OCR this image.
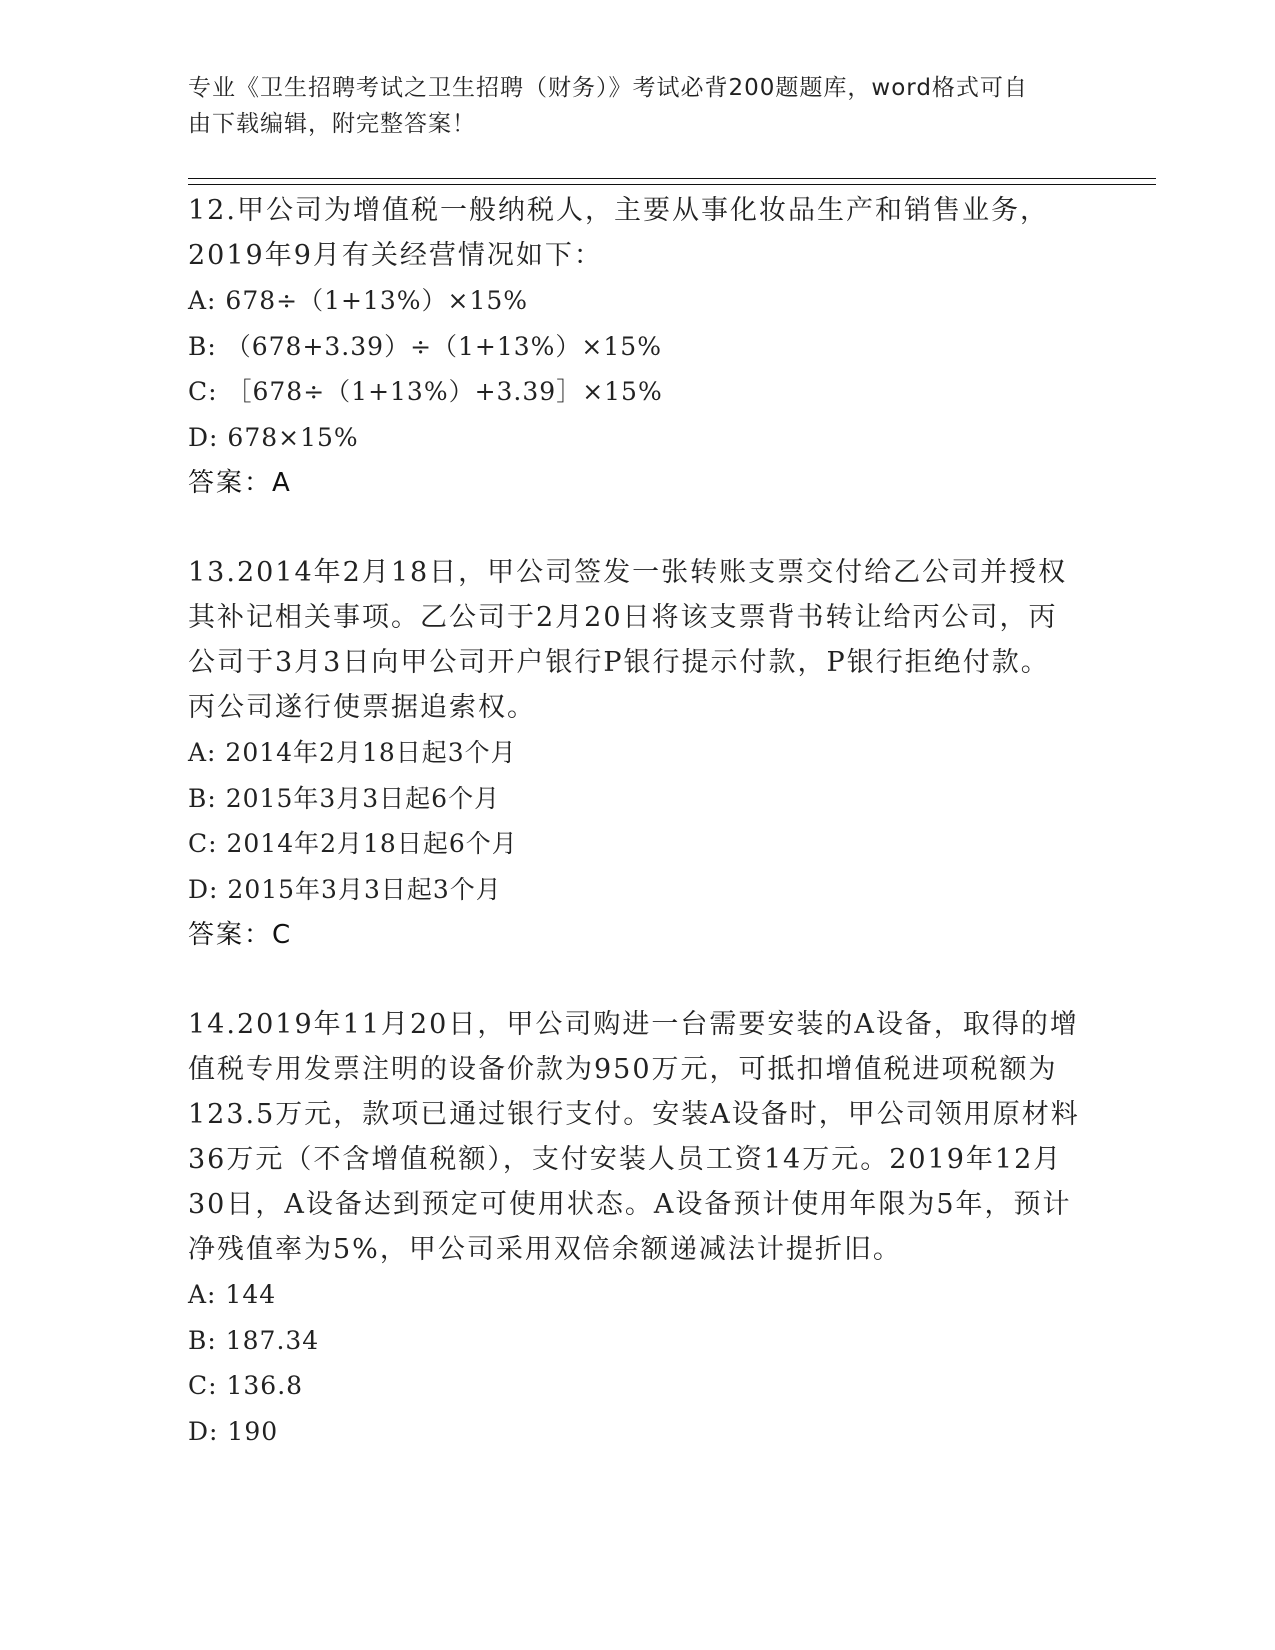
专业《卫生招聘考试之卫生招聘（财务）》考试必背200题题库，word格式可自
由下载编辑，附完整答案！

12.甲公司为增值税一般纳税人，主要从事化妆品生产和销售业务，

2019年9月有关经营情况如下：

A: 678÷（1+13%）×15%

B: （678+3.39）÷（1+13%）×15%

C: ［678÷（1+13%）+3.39］×15%

D: 678×15%

答案：A

13.2014年2月18日，甲公司签发一张转账支票交付给乙公司并授权

其补记相关事项。乙公司于2月20日将该支票背书转让给丙公司，丙

公司于3月3日向甲公司开户银行P银行提示付款，P银行拒绝付款。

丙公司遂行使票据追索权。

A: 2014年2月18日起3个月

B: 2015年3月3日起6个月

C: 2014年2月18日起6个月

D: 2015年3月3日起3个月

答案：C

14.2019年11月20日，甲公司购进一台需要安装的A设备，取得的增

值税专用发票注明的设备价款为950万元，可抵扣增值税进项税额为

123.5万元，款项已通过银行支付。安装A设备时，甲公司领用原材料

36万元（不含增值税额），支付安装人员工资14万元。2019年12月

30日，A设备达到预定可使用状态。A设备预计使用年限为5年，预计

净残值率为5%，甲公司采用双倍余额递减法计提折旧。

A: 144

B: 187.34

C: 136.8

D: 190
